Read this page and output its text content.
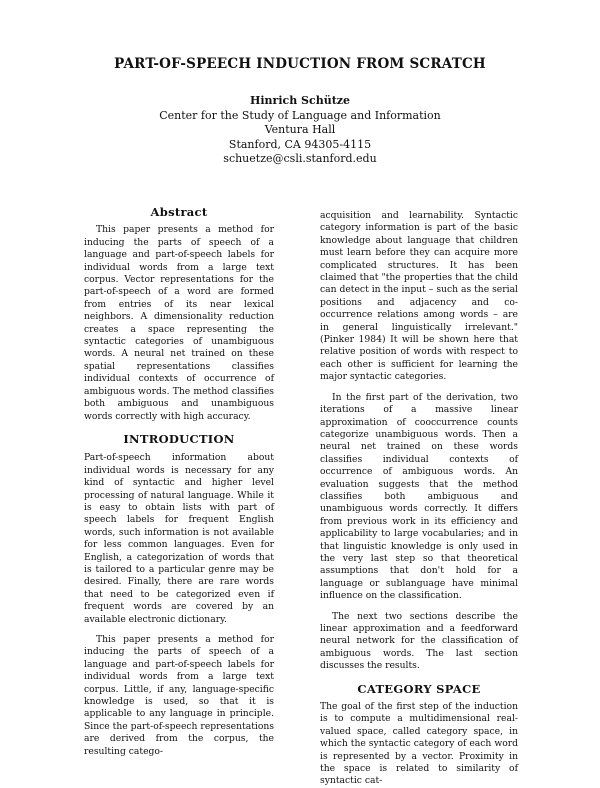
PART-OF-SPEECH INDUCTION FROM SCRATCH
Hinrich Schütze
Center for the Study of Language and Information
Ventura Hall
Stanford, CA 94305-4115
schuetze@csli.stanford.edu
Abstract

This paper presents a method for inducing the parts of speech of a language and part-of-speech labels for individual words from a large text corpus. Vector representations for the part-of-speech of a word are formed from entries of its near lexical neighbors. A dimensionality reduction creates a space representing the syntactic categories of unambiguous words. A neural net trained on these spatial representations classifies individual contexts of occurrence of ambiguous words. The method classifies both ambiguous and unambiguous words correctly with high accuracy.

INTRODUCTION

Part-of-speech information about individual words is necessary for any kind of syntactic and higher level processing of natural language. While it is easy to obtain lists with part of speech labels for frequent English words, such information is not available for less common languages. Even for English, a categorization of words that is tailored to a particular genre may be desired. Finally, there are rare words that need to be categorized even if frequent words are covered by an available electronic dictionary.

This paper presents a method for inducing the parts of speech of a language and part-of-speech labels for individual words from a large text corpus. Little, if any, language-specific knowledge is used, so that it is applicable to any language in principle. Since the part-of-speech representations are derived from the corpus, the resulting catego-

acquisition and learnability. Syntactic category information is part of the basic knowledge about language that children must learn before they can acquire more complicated structures. It has been claimed that "the properties that the child can detect in the input – such as the serial positions and adjacency and co-occurrence relations among words – are in general linguistically irrelevant." (Pinker 1984) It will be shown here that relative position of words with respect to each other is sufficient for learning the major syntactic categories.

In the first part of the derivation, two iterations of a massive linear approximation of cooccurrence counts categorize unambiguous words. Then a neural net trained on these words classifies individual contexts of occurrence of ambiguous words. An evaluation suggests that the method classifies both ambiguous and unambiguous words correctly. It differs from previous work in its efficiency and applicability to large vocabularies; and in that linguistic knowledge is only used in the very last step so that theoretical assumptions that don't hold for a language or sublanguage have minimal influence on the classification.

The next two sections describe the linear approximation and a feedforward neural network for the classification of ambiguous words. The last section discusses the results.

CATEGORY SPACE

The goal of the first step of the induction is to compute a multidimensional real-valued space, called category space, in which the syntactic category of each word is represented by a vector. Proximity in the space is related to similarity of syntactic cat-
